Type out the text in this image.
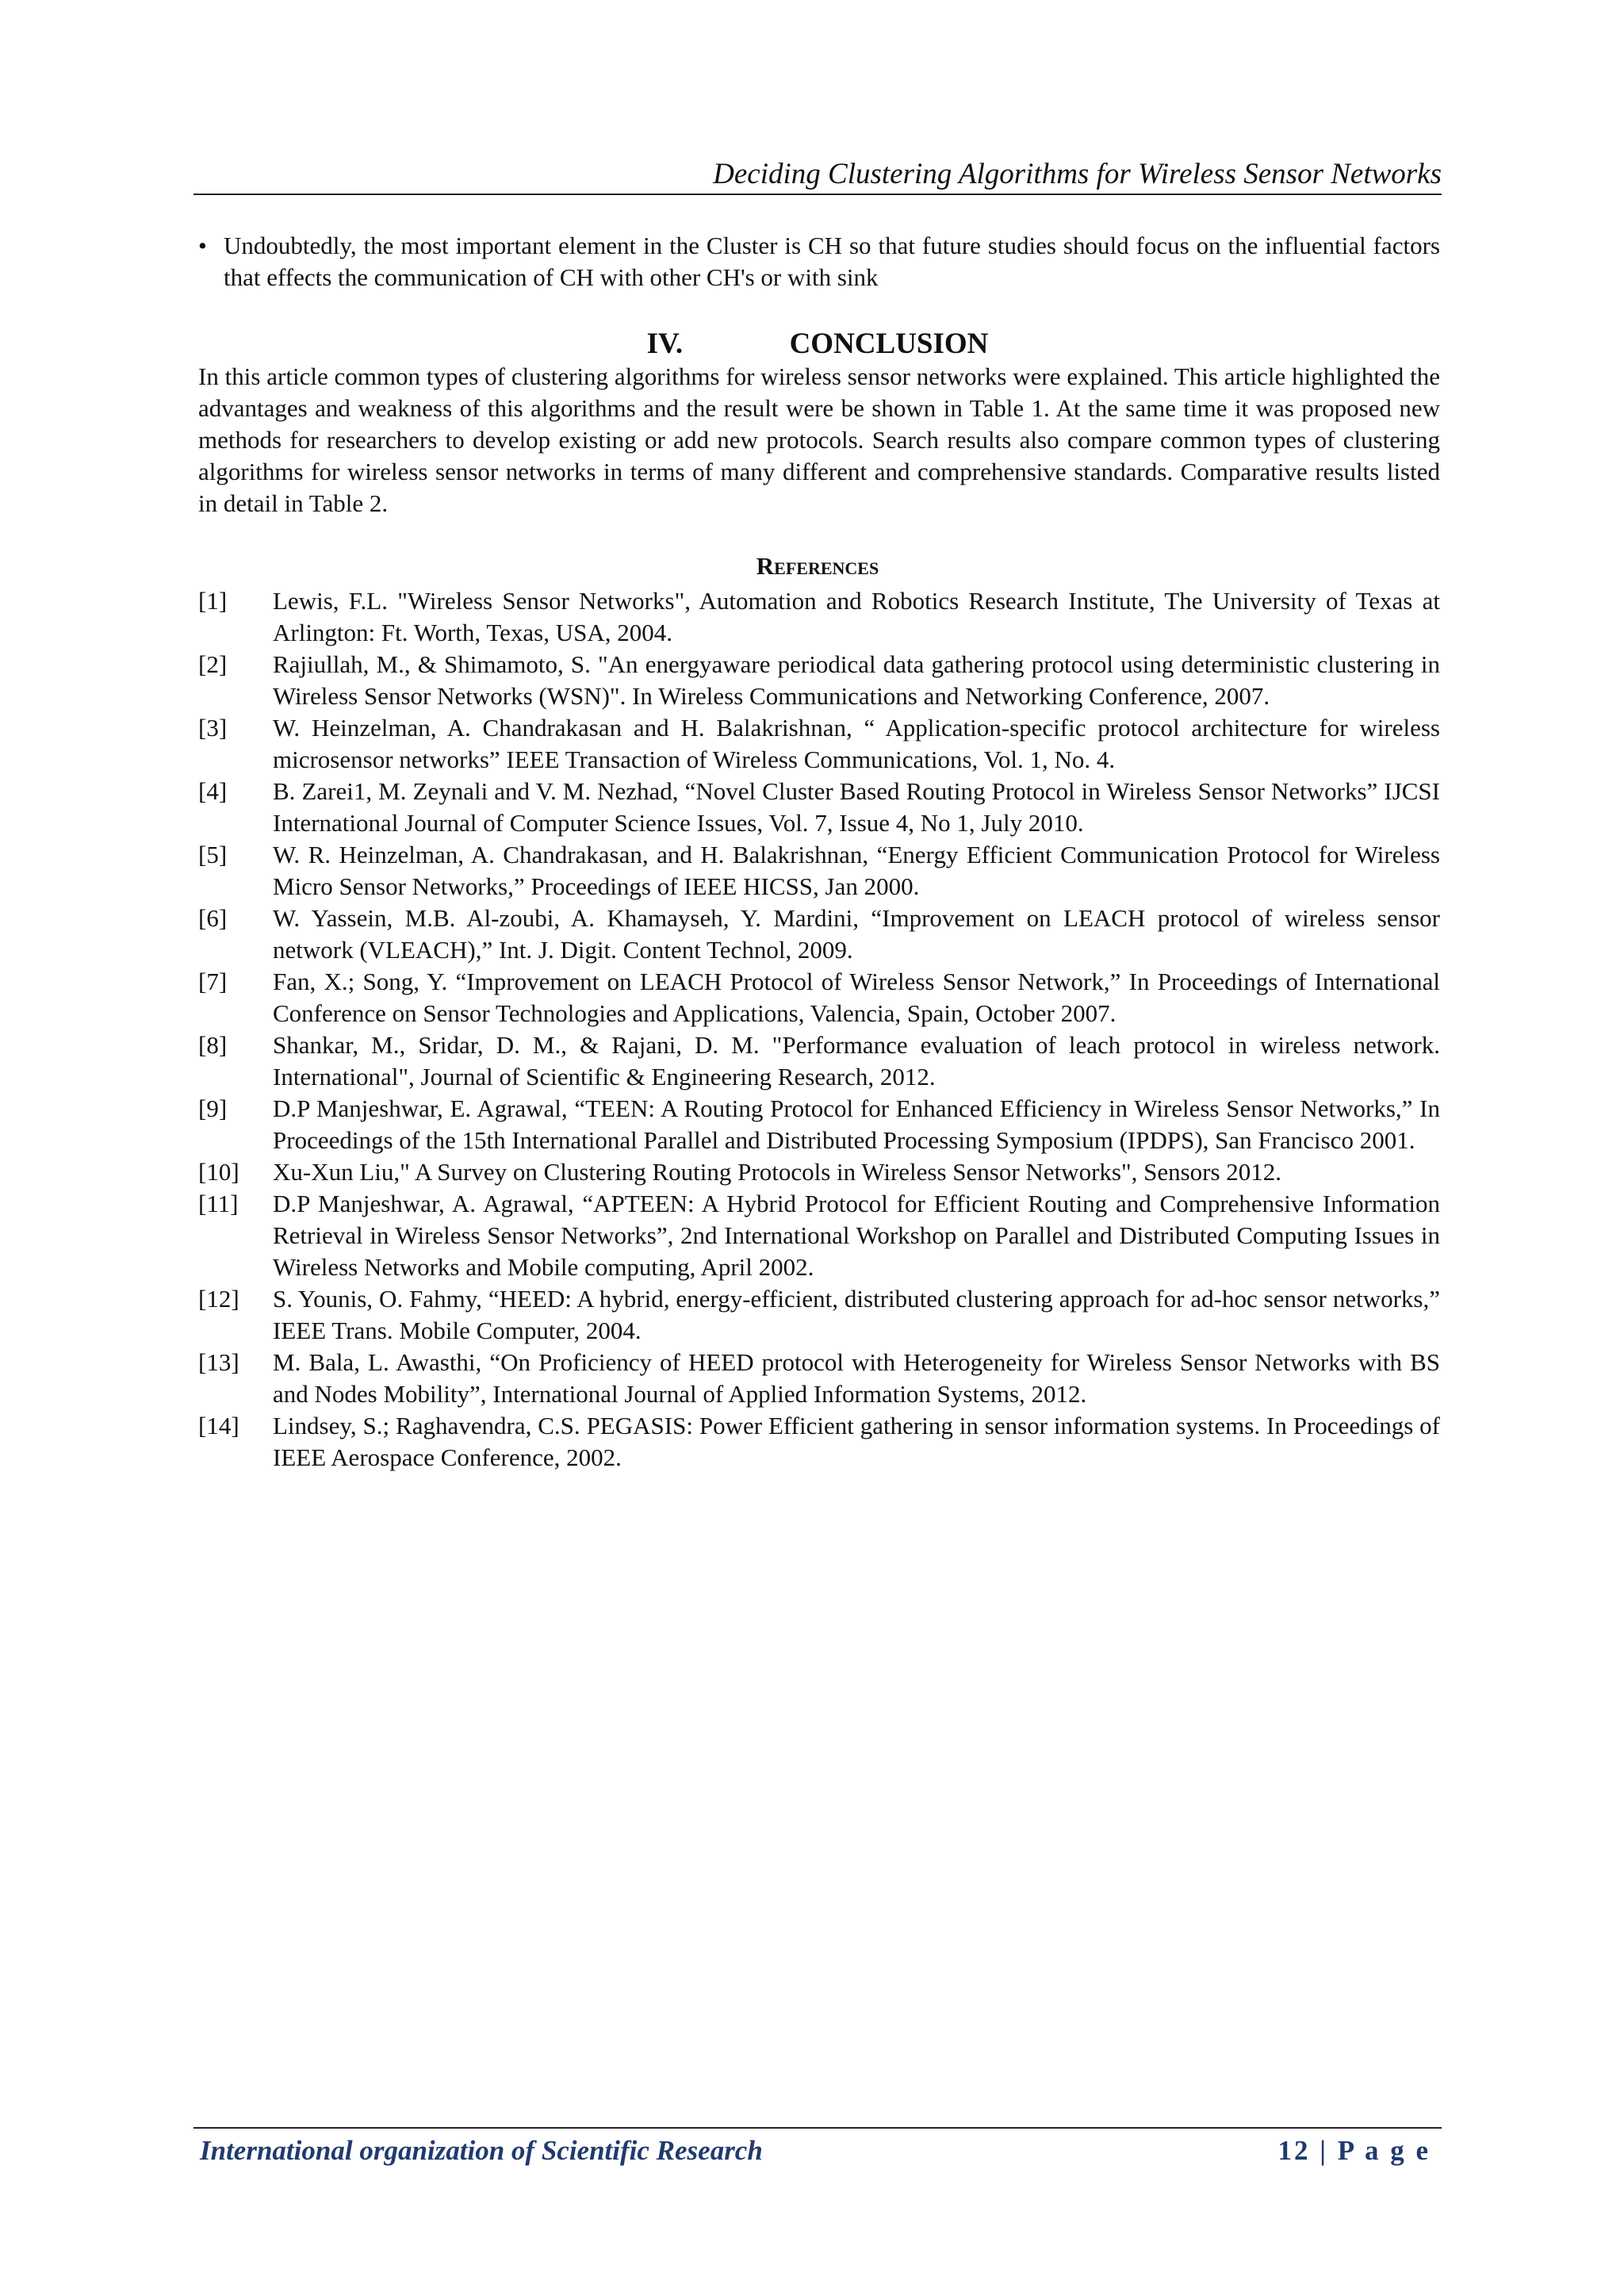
Deciding Clustering Algorithms for Wireless Sensor Networks
• Undoubtedly, the most important element in the Cluster is CH so that future studies should focus on the influential factors that effects the communication of CH with other CH's or with sink
IV.	CONCLUSION

In this article common types of clustering algorithms for wireless sensor networks were explained. This article highlighted the advantages and weakness of this algorithms and the result were be shown in Table 1. At the same time it was proposed new methods for researchers to develop existing or add new protocols. Search results also compare common types of clustering algorithms for wireless sensor networks in terms of many different and comprehensive standards. Comparative results listed in detail in Table 2.

References
[1]	Lewis, F.L. "Wireless Sensor Networks", Automation and Robotics Research Institute, The University of Texas at Arlington: Ft. Worth, Texas, USA, 2004.
[2]	Rajiullah, M., & Shimamoto, S. "An energyaware periodical data gathering protocol using deterministic clustering in Wireless Sensor Networks (WSN)". In Wireless Communications and Networking Conference, 2007.
[3]	W. Heinzelman, A. Chandrakasan and H. Balakrishnan, “ Application-specific protocol architecture for wireless microsensor networks” IEEE Transaction of Wireless Communications, Vol. 1, No. 4.
[4]	B. Zarei1, M. Zeynali and V. M. Nezhad, “Novel Cluster Based Routing Protocol in Wireless Sensor Networks” IJCSI International Journal of Computer Science Issues, Vol. 7, Issue 4, No 1, July 2010.
[5]	W. R. Heinzelman, A. Chandrakasan, and H. Balakrishnan, “Energy Efficient Communication Protocol for Wireless Micro Sensor Networks,” Proceedings of IEEE HICSS, Jan 2000.
[6]	W. Yassein, M.B. Al-zoubi, A. Khamayseh, Y. Mardini, “Improvement on LEACH protocol of wireless sensor network (VLEACH),” Int. J. Digit. Content Technol, 2009.
[7]	Fan, X.; Song, Y. “Improvement on LEACH Protocol of Wireless Sensor Network,” In Proceedings of International Conference on Sensor Technologies and Applications, Valencia, Spain, October 2007.
[8]	Shankar, M., Sridar, D. M., & Rajani, D. M. "Performance evaluation of leach protocol in wireless network. International", Journal of Scientific & Engineering Research, 2012.
[9]	D.P Manjeshwar, E. Agrawal, “TEEN: A Routing Protocol for Enhanced Efficiency in Wireless Sensor Networks,” In Proceedings of the 15th International Parallel and Distributed Processing Symposium (IPDPS), San Francisco 2001.
[10]	Xu-Xun Liu," A Survey on Clustering Routing Protocols in Wireless Sensor Networks", Sensors 2012.
[11]	D.P Manjeshwar, A. Agrawal, “APTEEN: A Hybrid Protocol for Efficient Routing and Comprehensive Information Retrieval in Wireless Sensor Networks”, 2nd International Workshop on Parallel and Distributed Computing Issues in Wireless Networks and Mobile computing, April 2002.
[12]	S. Younis, O. Fahmy, “HEED: A hybrid, energy-efficient, distributed clustering approach for ad-hoc sensor networks,” IEEE Trans. Mobile Computer, 2004.
[13]	M. Bala, L. Awasthi, “On Proficiency of HEED protocol with Heterogeneity for Wireless Sensor Networks with BS and Nodes Mobility”, International Journal of Applied Information Systems, 2012.
[14]	Lindsey, S.; Raghavendra, C.S. PEGASIS: Power Efficient gathering in sensor information systems. In Proceedings of IEEE Aerospace Conference, 2002.
International organization of Scientific Research	12 | P a g e
